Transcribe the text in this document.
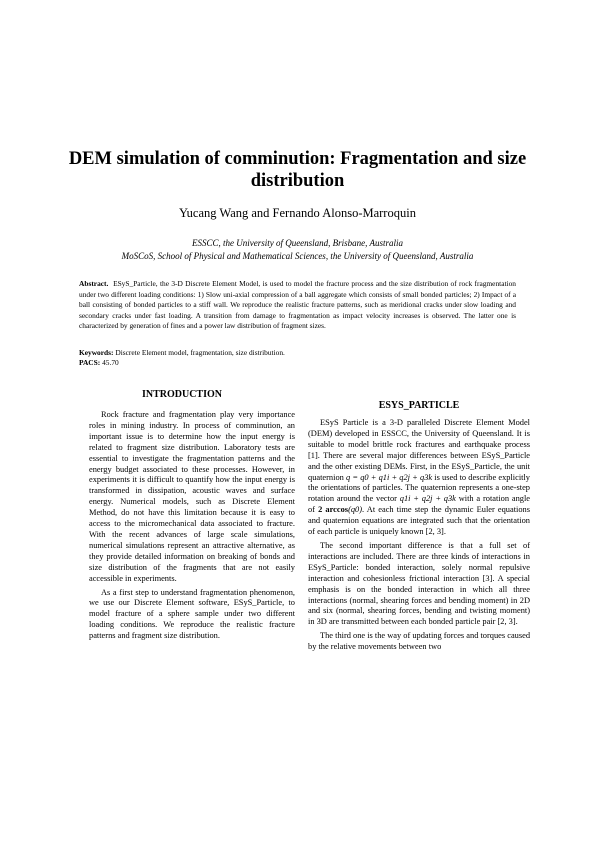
DEM simulation of comminution: Fragmentation and size distribution
Yucang Wang and Fernando Alonso-Marroquin
ESSCC, the University of Queensland, Brisbane, Australia
MoSCoS, School of Physical and Mathematical Sciences, the University of Queensland, Australia
Abstract. ESyS_Particle, the 3-D Discrete Element Model, is used to model the fracture process and the size distribution of rock fragmentation under two different loading conditions: 1) Slow uni-axial compression of a ball aggregate which consists of small bonded particles; 2) Impact of a ball consisting of bonded particles to a stiff wall. We reproduce the realistic fracture patterns, such as meridional cracks under slow loading and secondary cracks under fast loading. A transition from damage to fragmentation as impact velocity increases is observed. The latter one is characterized by generation of fines and a power law distribution of fragment sizes.
Keywords: Discrete Element model, fragmentation, size distribution.
PACS: 45.70
INTRODUCTION

Rock fracture and fragmentation play very importance roles in mining industry. In process of comminution, an important issue is to determine how the input energy is related to fragment size distribution. Laboratory tests are essential to investigate the fragmentation patterns and the energy budget associated to these processes. However, in experiments it is difficult to quantify how the input energy is transformed in dissipation, acoustic waves and surface energy. Numerical models, such as Discrete Element Method, do not have this limitation because it is easy to access to the micromechanical data associated to fracture. With the recent advances of large scale simulations, numerical simulations represent an attractive alternative, as they provide detailed information on breaking of bonds and size distribution of the fragments that are not easily accessible in experiments.

As a first step to understand fragmentation phenomenon, we use our Discrete Element software, ESyS_Particle, to model fracture of a sphere sample under two different loading conditions. We reproduce the realistic fracture patterns and fragment size distribution.

ESYS_PARTICLE

ESyS Particle is a 3-D paralleled Discrete Element Model (DEM) developed in ESSCC, the University of Queensland. It is suitable to model brittle rock fractures and earthquake process [1]. There are several major differences between ESyS_Particle and the other existing DEMs. First, in the ESyS_Particle, the unit quaternion q = q0 + q1i + q2j + q3k is used to describe explicitly the orientations of particles. The quaternion represents a one-step rotation around the vector q1i + q2j + q3k with a rotation angle of 2 arccos(q0). At each time step the dynamic Euler equations and quaternion equations are integrated such that the orientation of each particle is uniquely known [2, 3].

The second important difference is that a full set of interactions are included. There are three kinds of interactions in ESyS_Particle: bonded interaction, solely normal repulsive interaction and cohesionless frictional interaction [3]. A special emphasis is on the bonded interaction in which all three interactions (normal, shearing forces and bending moment) in 2D and six (normal, shearing forces, bending and twisting moment) in 3D are transmitted between each bonded particle pair [2, 3].

The third one is the way of updating forces and torques caused by the relative movements between two
